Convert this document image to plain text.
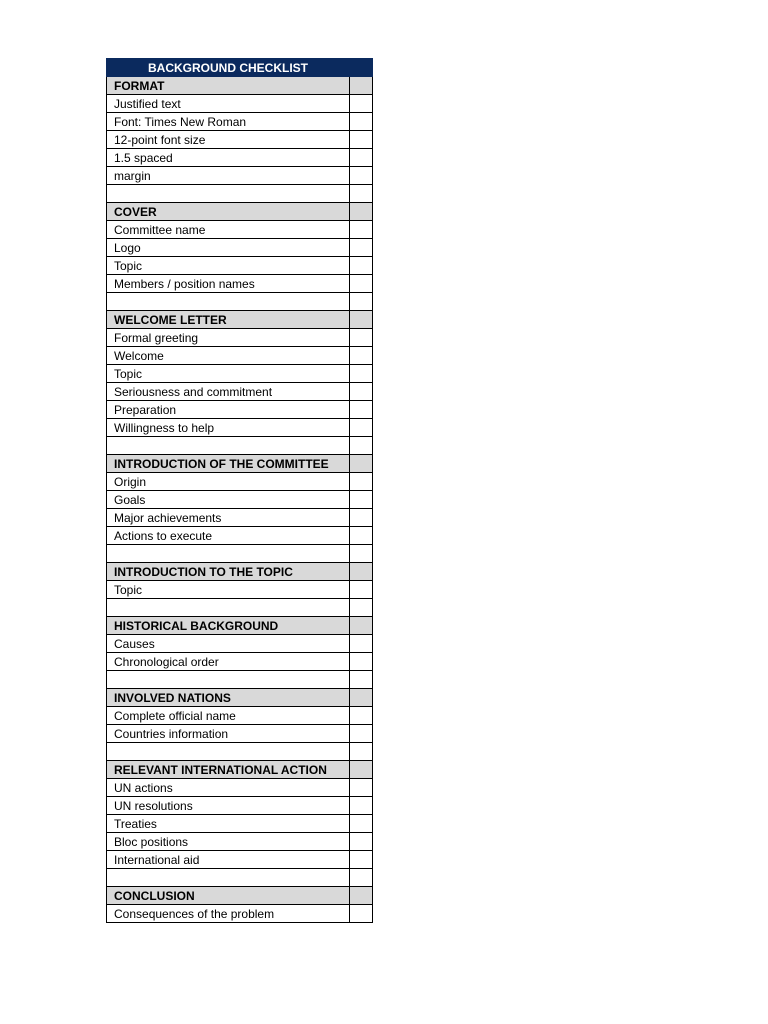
BACKGROUND CHECKLIST	
FORMAT	
Justified text	
Font: Times New Roman	
12-point font size	
1.5 spaced	
margin	

COVER	
Committee name	
Logo	
Topic	
Members / position names	

WELCOME LETTER	
Formal greeting	
Welcome	
Topic	
Seriousness and commitment	
Preparation	
Willingness to help	

INTRODUCTION OF THE COMMITTEE	
Origin	
Goals	
Major achievements	
Actions to execute	

INTRODUCTION TO THE TOPIC	
Topic	

HISTORICAL BACKGROUND	
Causes	
Chronological order	

INVOLVED NATIONS	
Complete official name	
Countries information	

RELEVANT INTERNATIONAL ACTION	
UN actions	
UN resolutions	
Treaties	
Bloc positions	
International aid	

CONCLUSION	
Consequences of the problem	
